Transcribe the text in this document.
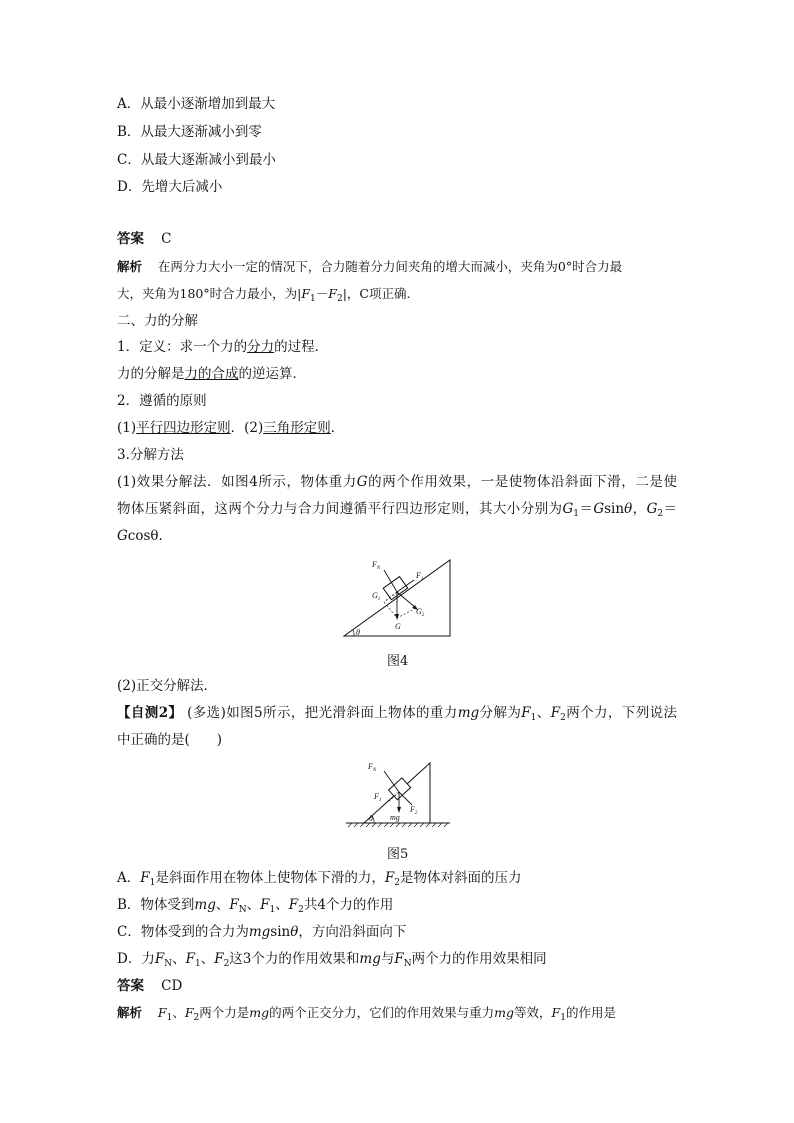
A．从最小逐渐增加到最大
B．从最大逐渐减小到零
C．从最大逐渐减小到最小
D．先增大后减小
答案 C
解析 在两分力大小一定的情况下，合力随着分力间夹角的增大而减小，夹角为0°时合力最
大，夹角为180°时合力最小，为$|F_1-F_2|$，C项正确.
二、力的分解
1．定义：求一个力的分力的过程．
力的分解是力的合成的逆运算．
2．遵循的原则
(1)平行四边形定则．(2)三角形定则．
3.分解方法
(1)效果分解法．如图4所示，物体重力G的两个作用效果，一是使物体沿斜面下滑，二是使
物体压紧斜面，这两个分力与合力间遵循平行四边形定则，其大小分别为$G_1=Gsin\theta$，$G_2=$
Gcosθ.
$F_N$
$F_1$
$G_1$
$G_2$
G
θ
图4
(2)正交分解法．
【自测2】 (多选)如图5所示，把光滑斜面上物体的重力mg分解为$F_1$、$F_2$两个力，下列说法
中正确的是(　　)
$F_N$
$F_1$
$F_2$
mg
θ
图5
A．$F_1$是斜面作用在物体上使物体下滑的力，$F_2$是物体对斜面的压力
B．物体受到mg、$F_N$、$F_1$、$F_2$共4个力的作用
C．物体受到的合力为mgsinθ，方向沿斜面向下
D．力$F_N$、$F_1$、$F_2$这3个力的作用效果和mg与$F_N$两个力的作用效果相同
答案 CD
解析 $F_1$、$F_2$两个力是mg的两个正交分力，它们的作用效果与重力mg等效，$F_1$的作用是
